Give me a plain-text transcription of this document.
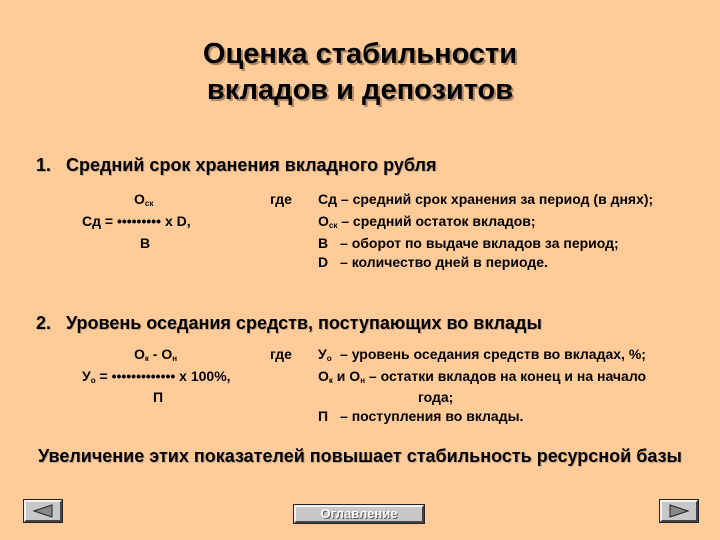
Оценка стабильности
вкладов и депозитов
1. Средний срок хранения вкладного рубля
$О_{ск}$
Сд = ••••••••• х D,
В
где Сд – средний срок хранения за период (в днях);
$О_{ск}$ – средний остаток вкладов;
В – оборот по выдаче вкладов за период;
D – количество дней в периоде.
2. Уровень оседания средств, поступающих во вклады
$О_к - О_н$
$У_о$ = ••••••••••••• х 100%,
П
где $У_о$ – уровень оседания средств во вкладах, %;
$О_к$ и $О_н$ – остатки вкладов на конец и на начало
года;
П – поступления во вклады.
Увеличение этих показателей повышает стабильность ресурсной базы
Оглавление
